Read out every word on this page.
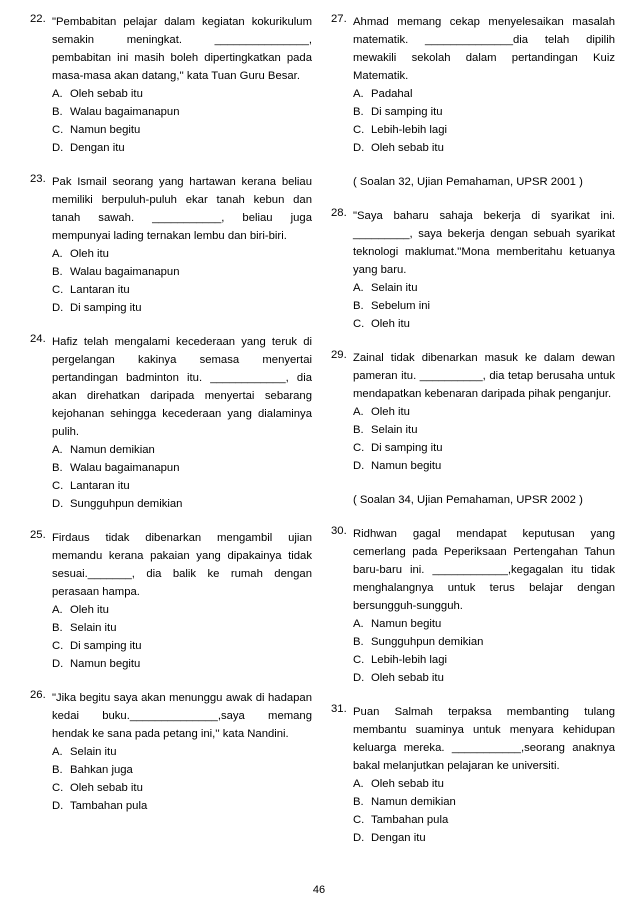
22. "Pembabitan pelajar dalam kegiatan kokurikulum semakin meningkat. _______________, pembabitan ini masih boleh dipertingkatkan pada masa-masa akan datang,'' kata Tuan Guru Besar.

A. Oleh sebab itu
B. Walau bagaimanapun
C. Namun begitu
D. Dengan itu
23. Pak Ismail seorang yang hartawan kerana beliau memiliki berpuluh-puluh ekar tanah kebun dan tanah sawah. ___________, beliau juga mempunyai lading ternakan lembu dan biri-biri.

A. Oleh itu
B. Walau bagaimanapun
C. Lantaran itu
D. Di samping itu
24. Hafiz telah mengalami kecederaan yang teruk di pergelangan kakinya semasa menyertai pertandingan badminton itu. ____________, dia akan direhatkan daripada menyertai sebarang kejohanan sehingga kecederaan yang dialaminya pulih.

A. Namun demikian
B. Walau bagaimanapun
C. Lantaran itu
D. Sungguhpun demikian
25. Firdaus tidak dibenarkan mengambil ujian memandu kerana pakaian yang dipakainya tidak sesuai._______, dia balik ke rumah dengan perasaan hampa.

A. Oleh itu
B. Selain itu
C. Di samping itu
D. Namun begitu
26. "Jika begitu saya akan menunggu awak di hadapan kedai buku.______________,saya memang hendak ke sana pada petang ini,'' kata Nandini.

A. Selain itu
B. Bahkan juga
C. Oleh sebab itu
D. Tambahan pula
27. Ahmad memang cekap menyelesaikan masalah matematik. ______________dia telah dipilih mewakili sekolah dalam pertandingan Kuiz Matematik.

A. Padahal
B. Di samping itu
C. Lebih-lebih lagi
D. Oleh sebab itu
( Soalan 32, Ujian Pemahaman, UPSR 2001 )
28. "Saya baharu sahaja bekerja di syarikat ini. _________, saya bekerja dengan sebuah syarikat teknologi maklumat.''Mona memberitahu ketuanya yang baru.

A. Selain itu
B. Sebelum ini
C. Oleh itu
29. Zainal tidak dibenarkan masuk ke dalam dewan pameran itu. __________, dia tetap berusaha untuk mendapatkan kebenaran daripada pihak penganjur.

A. Oleh itu
B. Selain itu
C. Di samping itu
D. Namun begitu
( Soalan 34, Ujian Pemahaman, UPSR 2002 )
30. Ridhwan gagal mendapat keputusan yang cemerlang pada Peperiksaan Pertengahan Tahun baru-baru ini. ____________,kegagalan itu tidak menghalangnya untuk terus belajar dengan bersungguh-sungguh.

A. Namun begitu
B. Sungguhpun demikian
C. Lebih-lebih lagi
D. Oleh sebab itu
31. Puan Salmah terpaksa membanting tulang membantu suaminya untuk menyara kehidupan keluarga mereka. ___________,seorang anaknya bakal melanjutkan pelajaran ke universiti.

A. Oleh sebab itu
B. Namun demikian
C. Tambahan pula
D. Dengan itu
46
